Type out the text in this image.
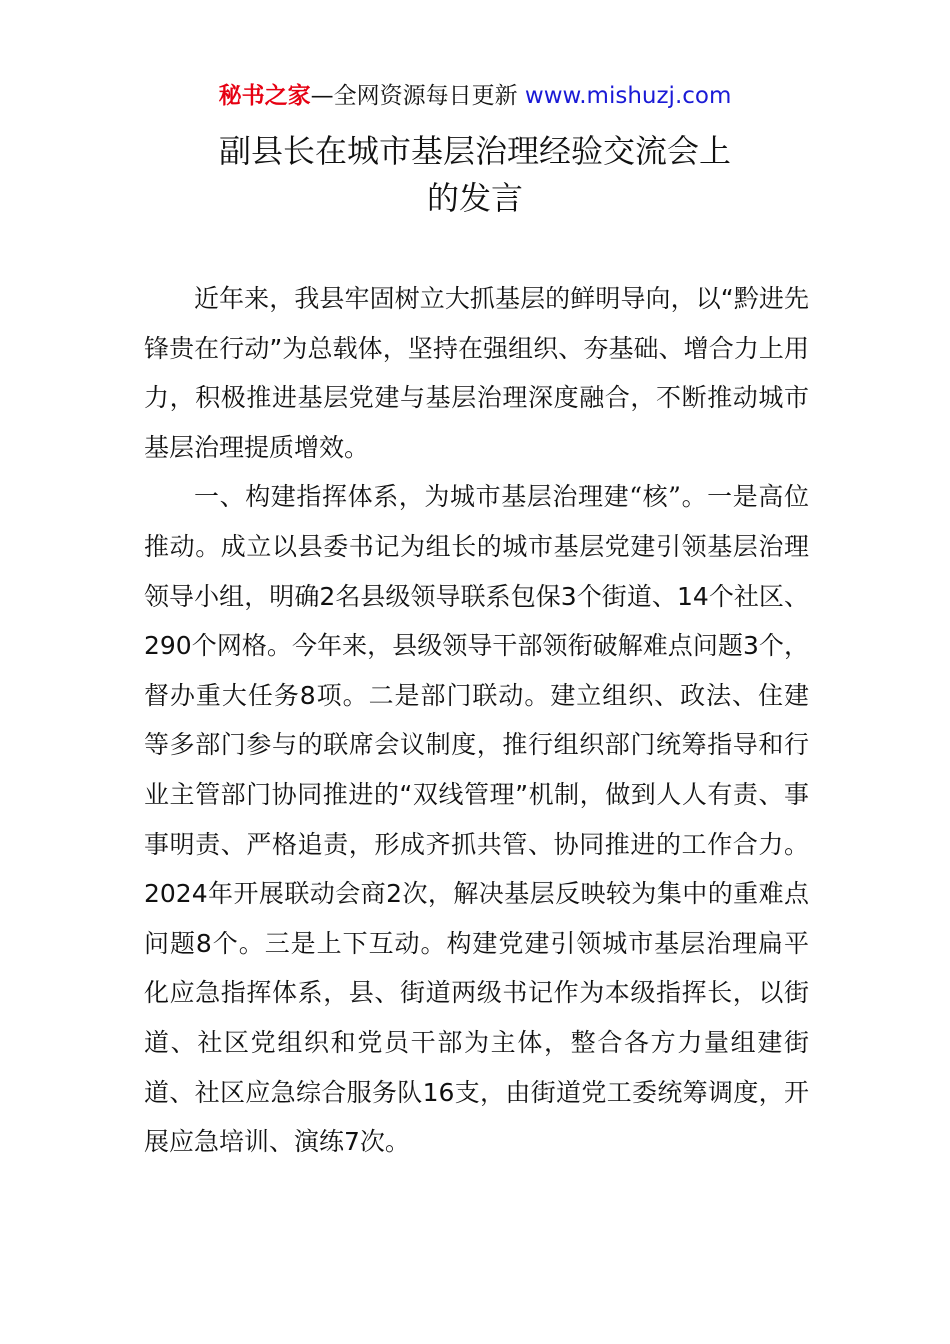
秘书之家—全网资源每日更新 www.mishuzj.com
副县长在城市基层治理经验交流会上
的发言

近年来，我县牢固树立大抓基层的鲜明导向，以“黔进先锋贵在行动”为总载体，坚持在强组织、夯基础、增合力上用力，积极推进基层党建与基层治理深度融合，不断推动城市基层治理提质增效。

一、构建指挥体系，为城市基层治理建“核”。一是高位推动。成立以县委书记为组长的城市基层党建引领基层治理领导小组，明确2名县级领导联系包保3个街道、14个社区、290个网格。今年来，县级领导干部领衔破解难点问题3个，督办重大任务8项。二是部门联动。建立组织、政法、住建等多部门参与的联席会议制度，推行组织部门统筹指导和行业主管部门协同推进的“双线管理”机制，做到人人有责、事事明责、严格追责，形成齐抓共管、协同推进的工作合力。2024年开展联动会商2次，解决基层反映较为集中的重难点问题8个。三是上下互动。构建党建引领城市基层治理扁平化应急指挥体系，县、街道两级书记作为本级指挥长，以街道、社区党组织和党员干部为主体，整合各方力量组建街道、社区应急综合服务队16支，由街道党工委统筹调度，开展应急培训、演练7次。
